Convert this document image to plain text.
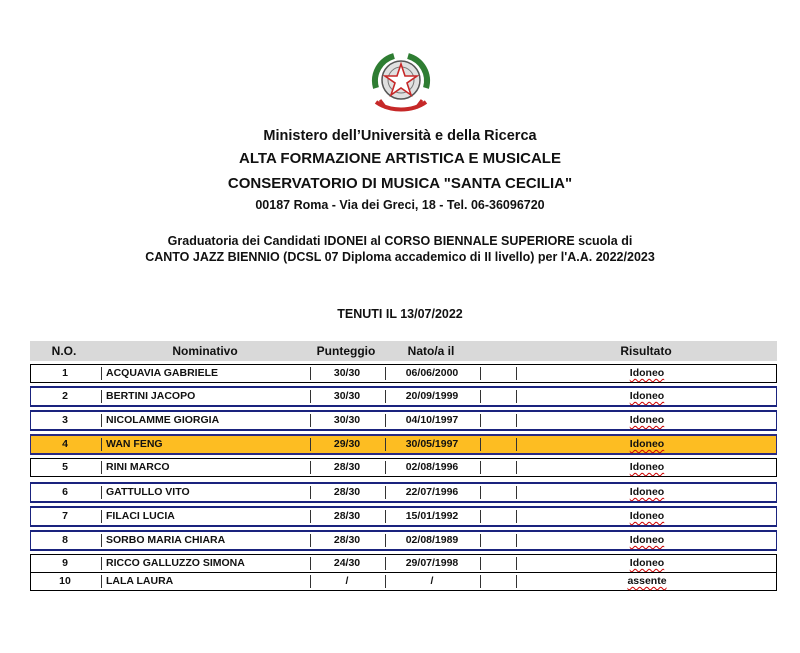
Ministero dell’Università e della Ricerca
ALTA FORMAZIONE ARTISTICA E MUSICALE
CONSERVATORIO DI MUSICA "SANTA CECILIA"
00187 Roma - Via dei Greci, 18 - Tel. 06-36096720
Graduatoria dei Candidati IDONEI al CORSO BIENNALE SUPERIORE scuola di
CANTO JAZZ BIENNIO (DCSL 07 Diploma accademico di II livello) per l'A.A. 2022/2023
TENUTI IL 13/07/2022
N.O.	Nominativo	Punteggio	Nato/a il	Risultato
1	ACQUAVIA GABRIELE	30/30	06/06/2000	Idoneo
2	BERTINI JACOPO	30/30	20/09/1999	Idoneo
3	NICOLAMME GIORGIA	30/30	04/10/1997	Idoneo
4	WAN FENG	29/30	30/05/1997	Idoneo
5	RINI MARCO	28/30	02/08/1996	Idoneo
6	GATTULLO VITO	28/30	22/07/1996	Idoneo
7	FILACI LUCIA	28/30	15/01/1992	Idoneo
8	SORBO MARIA CHIARA	28/30	02/08/1989	Idoneo
9	RICCO GALLUZZO SIMONA	24/30	29/07/1998	Idoneo
10	LALA LAURA	/	/	assente
